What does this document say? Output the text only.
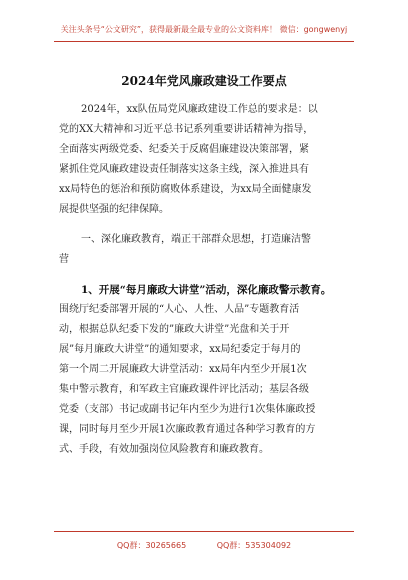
关注头条号“公文研究”，获得最新最全最专业的公文资料库！ 微信：gongwenyj
2024年党风廉政建设工作要点
2024年，xx队伍局党风廉政建设工作总的要求是：以
党的XX大精神和习近平总书记系列重要讲话精神为指导，
全面落实两级党委、纪委关于反腐倡廉建设决策部署，紧
紧抓住党风廉政建设责任制落实这条主线，深入推进具有
xx局特色的惩治和预防腐败体系建设，为xx局全面健康发
展提供坚强的纪律保障。
一、深化廉政教育，端正干部群众思想，打造廉洁警
营
1、开展“每月廉政大讲堂”活动，深化廉政警示教育。
围绕厅纪委部署开展的“人心、人性、人品”专题教育活
动，根据总队纪委下发的”廉政大讲堂”光盘和关于开
展”每月廉政大讲堂”的通知要求，xx局纪委定于每月的
第一个周二开展廉政大讲堂活动：xx局年内至少开展1次
集中警示教育，和军政主官廉政课件评比活动；基层各级
党委（支部）书记或副书记年内至少为进行1次集体廉政授
课，同时每月至少开展1次廉政教育通过各种学习教育的方
式、手段，有效加强岗位风险教育和廉政教育。
QQ群：30265665	QQ群：535304092
